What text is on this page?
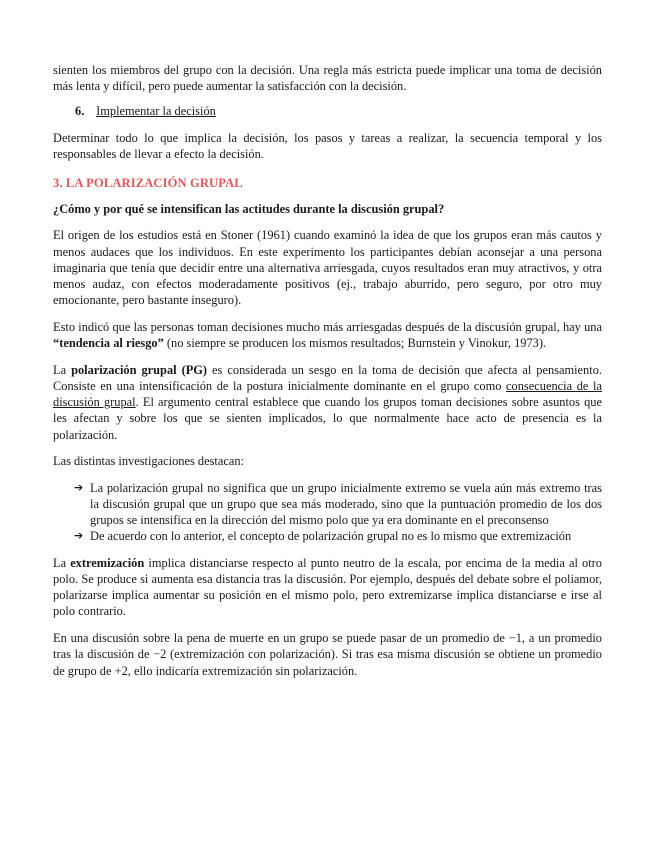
sienten los miembros del grupo con la decisión. Una regla más estricta puede implicar una toma de decisión más lenta y difícil, pero puede aumentar la satisfacción con la decisión.

6. Implementar la decisión

Determinar todo lo que implica la decisión, los pasos y tareas a realizar, la secuencia temporal y los responsables de llevar a efecto la decisión.

3. LA POLARIZACIÓN GRUPAL
¿Cómo y por qué se intensifican las actitudes durante la discusión grupal?

El origen de los estudios está en Stoner (1961) cuando examinó la idea de que los grupos eran más cautos y menos audaces que los individuos. En este experimento los participantes debían aconsejar a una persona imaginaria que tenía que decidir entre una alternativa arriesgada, cuyos resultados eran muy atractivos, y otra menos audaz, con efectos moderadamente positivos (ej., trabajo aburrido, pero seguro, por otro muy emocionante, pero bastante inseguro).

Esto indicó que las personas toman decisiones mucho más arriesgadas después de la discusión grupal, hay una “tendencia al riesgo” (no siempre se producen los mismos resultados; Burnstein y Vinokur, 1973).

La polarización grupal (PG) es considerada un sesgo en la toma de decisión que afecta al pensamiento. Consiste en una intensificación de la postura inicialmente dominante en el grupo como consecuencia de la discusión grupal. El argumento central establece que cuando los grupos toman decisiones sobre asuntos que les afectan y sobre los que se sienten implicados, lo que normalmente hace acto de presencia es la polarización.

Las distintas investigaciones destacan:

➔ La polarización grupal no significa que un grupo inicialmente extremo se vuela aún más extremo tras la discusión grupal que un grupo que sea más moderado, sino que la puntuación promedio de los dos grupos se intensifica en la dirección del mismo polo que ya era dominante en el preconsenso
➔ De acuerdo con lo anterior, el concepto de polarización grupal no es lo mismo que extremización

La extremización implica distanciarse respecto al punto neutro de la escala, por encima de la media al otro polo. Se produce si aumenta esa distancia tras la discusión. Por ejemplo, después del debate sobre el poliamor, polarizarse implica aumentar su posición en el mismo polo, pero extremizarse implica distanciarse e irse al polo contrario.

En una discusión sobre la pena de muerte en un grupo se puede pasar de un promedio de −1, a un promedio tras la discusión de −2 (extremización con polarización). Si tras esa misma discusión se obtiene un promedio de grupo de +2, ello indicaría extremización sin polarización.
